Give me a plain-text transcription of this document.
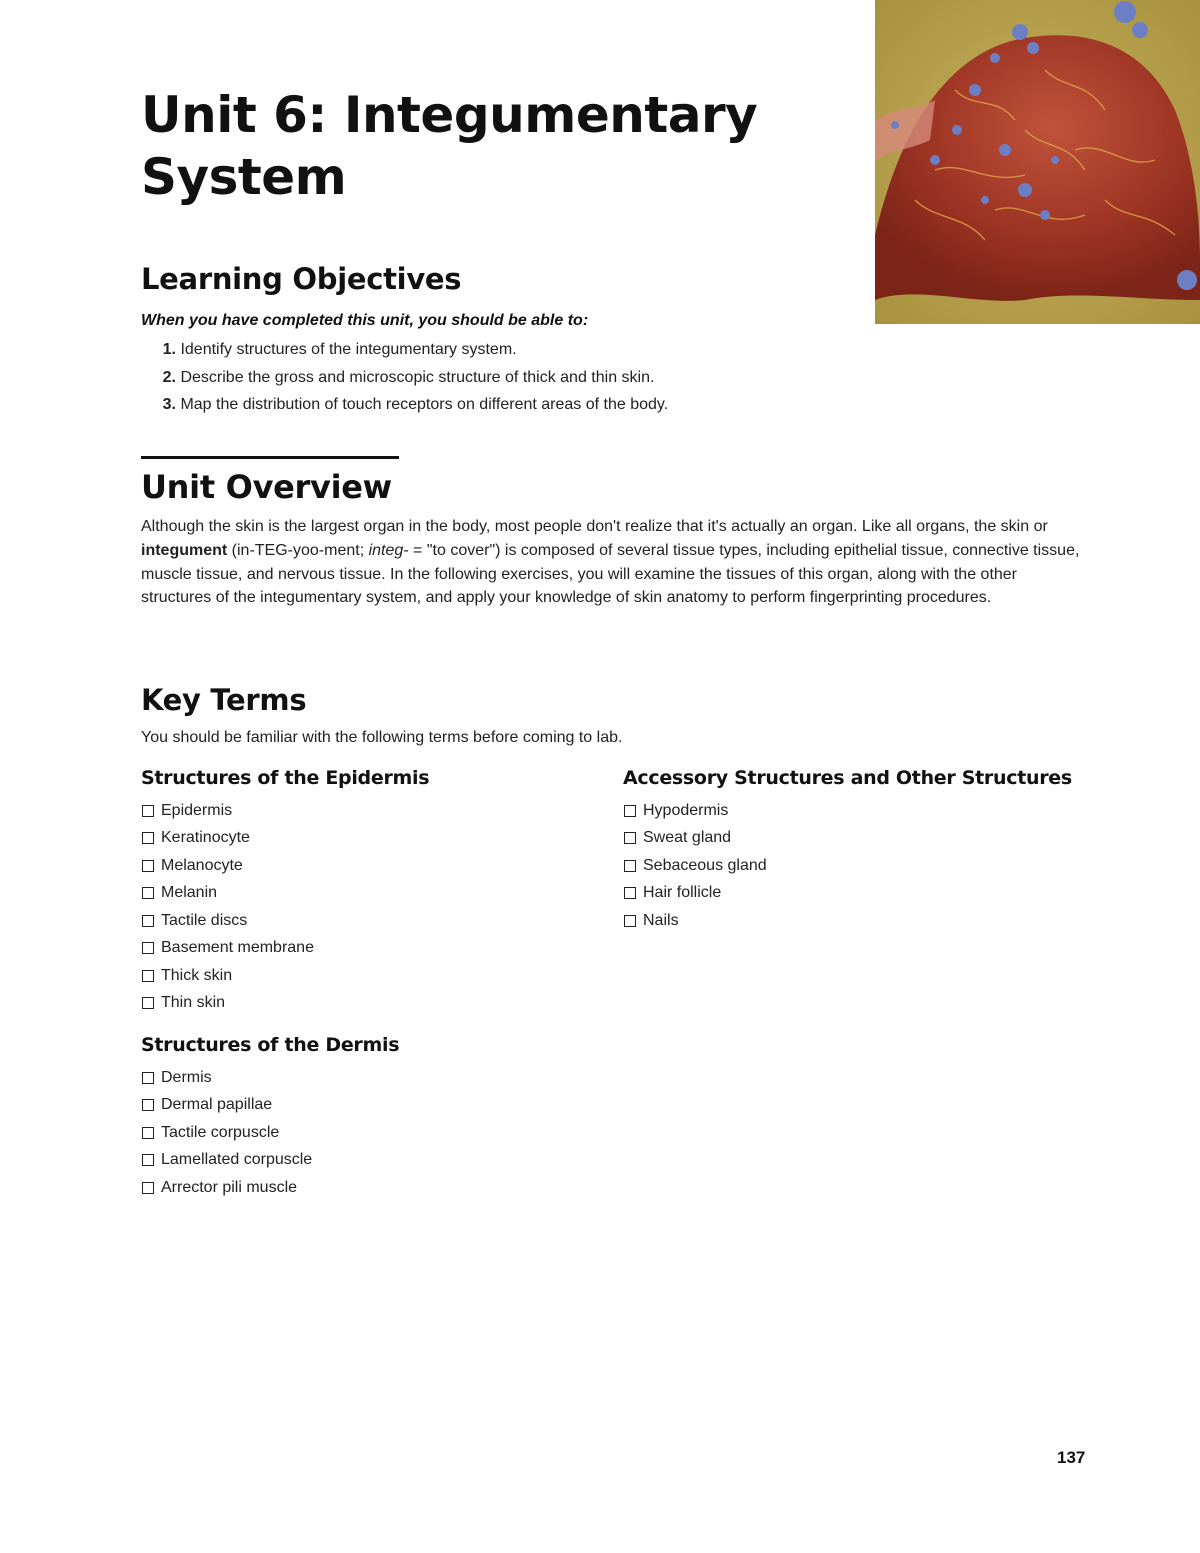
Unit 6: Integumentary System
Learning Objectives

When you have completed this unit, you should be able to:

1. Identify structures of the integumentary system.
2. Describe the gross and microscopic structure of thick and thin skin.
3. Map the distribution of touch receptors on different areas of the body.
Unit Overview

Although the skin is the largest organ in the body, most people don't realize that it's actually an organ. Like all organs, the skin or integument (in-TEG-yoo-ment; integ- = "to cover") is composed of several tissue types, including epithelial tissue, connective tissue, muscle tissue, and nervous tissue. In the following exercises, you will examine the tissues of this organ, along with the other structures of the integumentary system, and apply your knowledge of skin anatomy to perform fingerprinting procedures.

Key Terms

You should be familiar with the following terms before coming to lab.

Structures of the Epidermis
Epidermis
Keratinocyte
Melanocyte
Melanin
Tactile discs
Basement membrane
Thick skin
Thin skin
Structures of the Dermis
Dermis
Dermal papillae
Tactile corpuscle
Lamellated corpuscle
Arrector pili muscle
Accessory Structures and Other Structures
Hypodermis
Sweat gland
Sebaceous gland
Hair follicle
Nails

137
